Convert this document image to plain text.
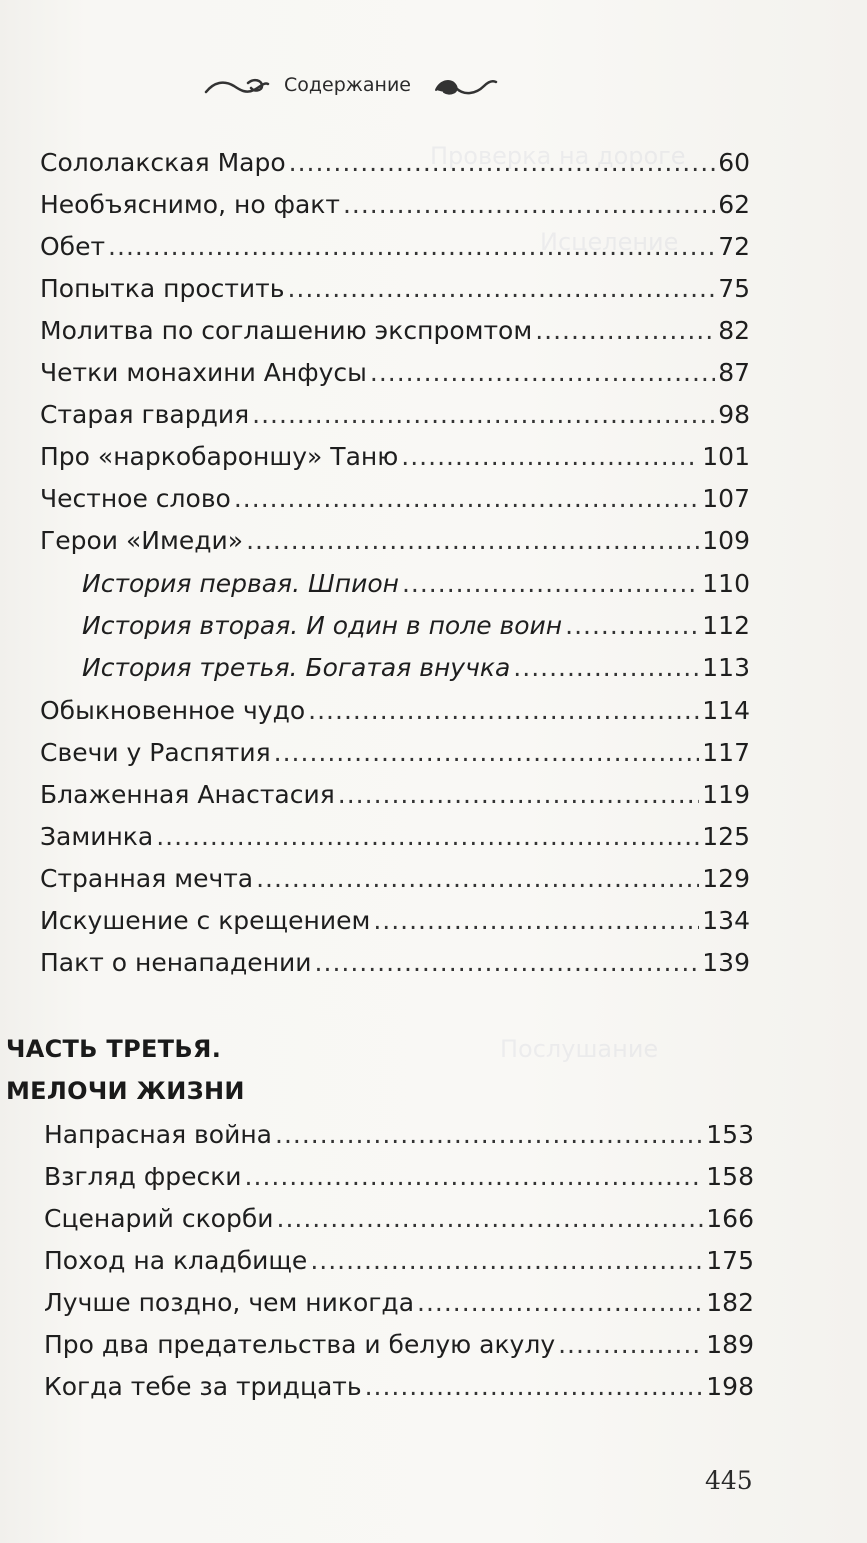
Проверка на дороге
Исцеление
Послушание
Содержание
Сололакская Маро .....	60
Необъяснимо, но факт .....	62
Обет .....	72
Попытка простить .....	75
Молитва по соглашению экспромтом .....	82
Четки монахини Анфусы .....	87
Старая гвардия .....	98
Про «наркобароншу» Таню .....	101
Честное слово .....	107
Герои «Имеди» .....	109
История первая. Шпион .....	110
История вторая. И один в поле воин .....	112
История третья. Богатая внучка .....	113
Обыкновенное чудо .....	114
Свечи у Распятия .....	117
Блаженная Анастасия .....	119
Заминка .....	125
Странная мечта .....	129
Искушение с крещением .....	134
Пакт о ненападении .....	139
ЧАСТЬ ТРЕТЬЯ.
МЕЛОЧИ ЖИЗНИ
Напрасная война .....	153
Взгляд фрески .....	158
Сценарий скорби .....	166
Поход на кладбище .....	175
Лучше поздно, чем никогда .....	182
Про два предательства и белую акулу .....	189
Когда тебе за тридцать .....	198
445
